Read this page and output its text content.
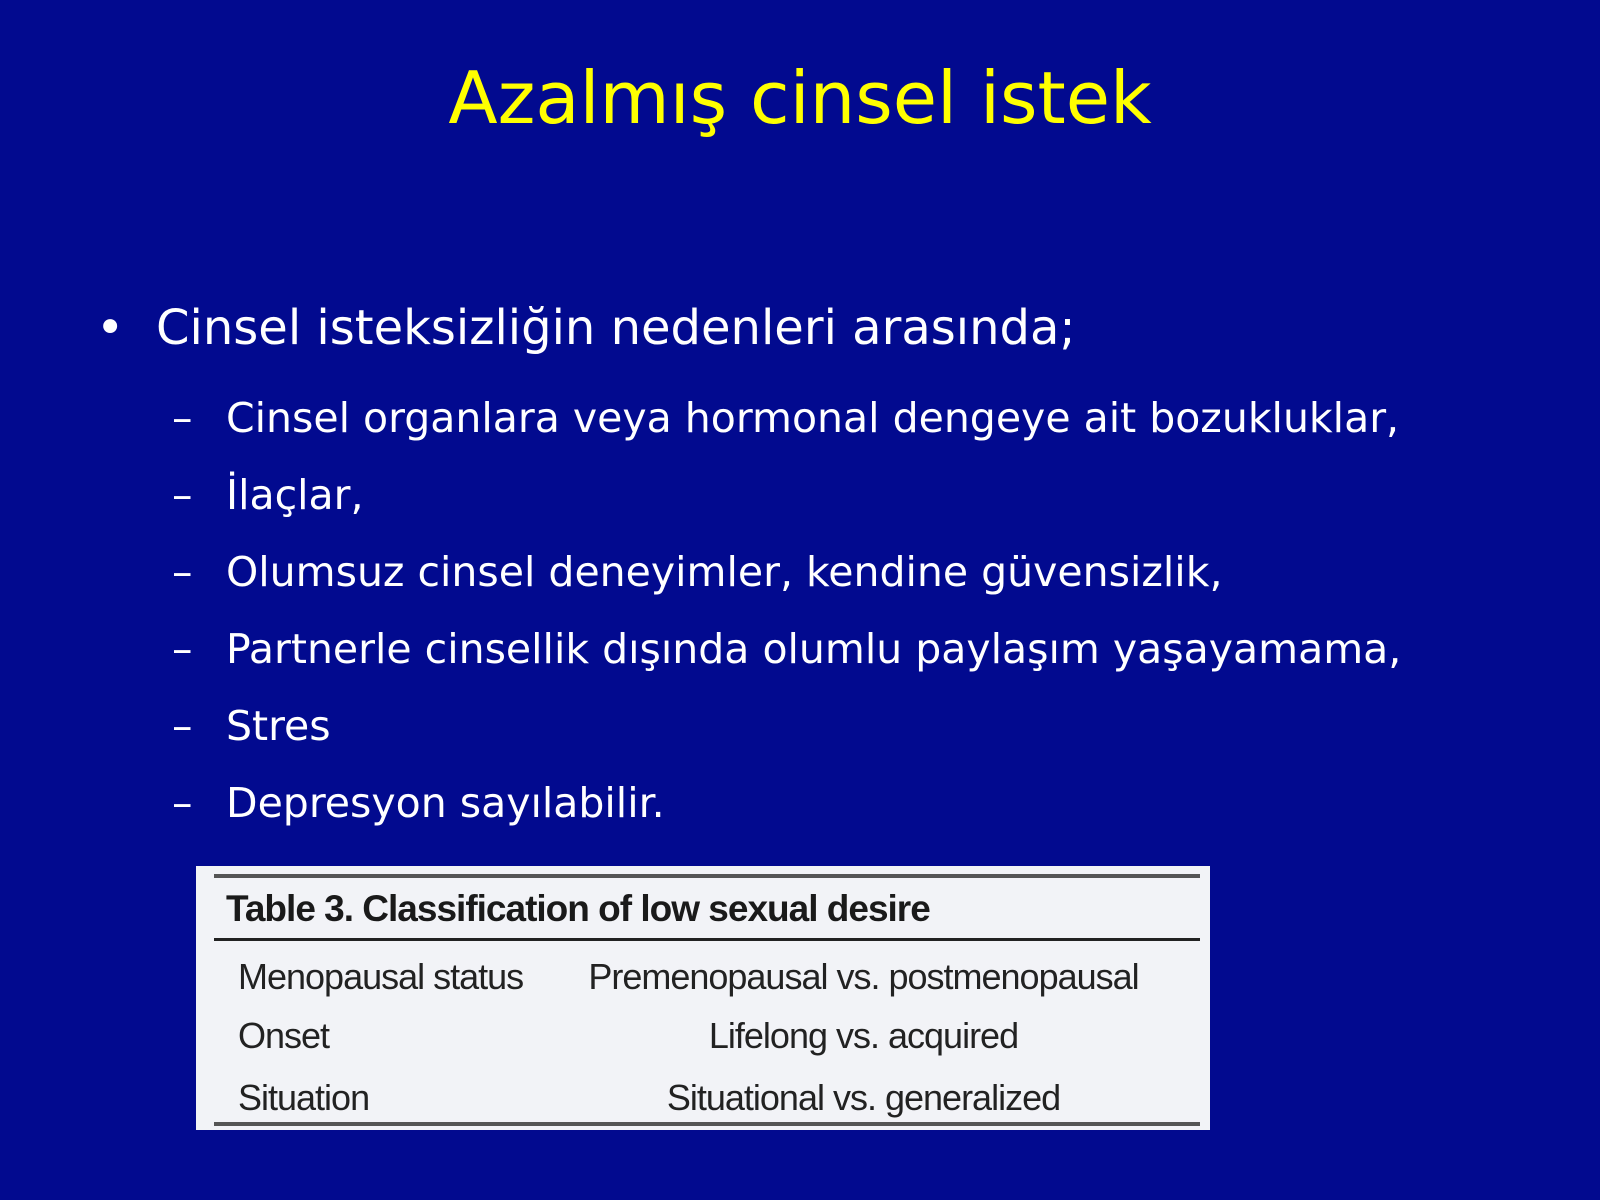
Azalmış cinsel istek
• Cinsel isteksizliğin nedenleri arasında;
– Cinsel organlara veya hormonal dengeye ait bozukluklar,
– İlaçlar,
– Olumsuz cinsel deneyimler, kendine güvensizlik,
– Partnerle cinsellik dışında olumlu paylaşım yaşayamama,
– Stres
– Depresyon sayılabilir.
Table 3. Classification of low sexual desire
Menopausal status	Premenopausal vs. postmenopausal
Onset	Lifelong vs. acquired
Situation	Situational vs. generalized
